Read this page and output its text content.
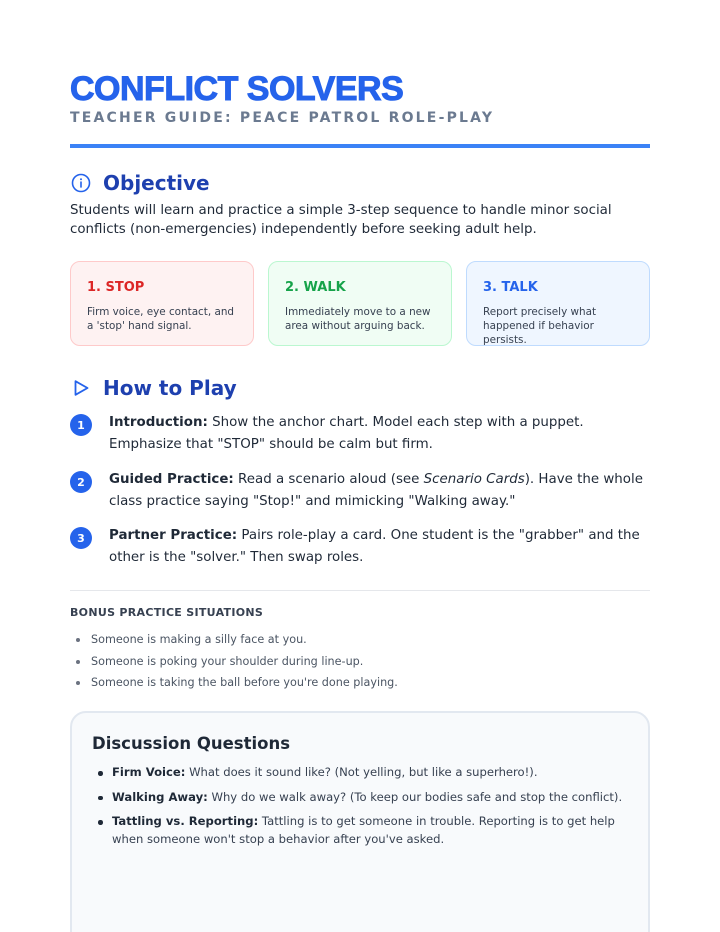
CONFLICT SOLVERS
TEACHER GUIDE: PEACE PATROL ROLE-PLAY
Objective

Students will learn and practice a simple 3-step sequence to handle minor social conflicts (non-emergencies) independently before seeking adult help.

1. STOP
Firm voice, eye contact, and a 'stop' hand signal.
2. WALK
Immediately move to a new area without arguing back.
3. TALK
Report precisely what happened if behavior persists.
How to Play
1	Introduction: Show the anchor chart. Model each step with a puppet. Emphasize that "STOP" should be calm but firm.

2	Guided Practice: Read a scenario aloud (see Scenario Cards). Have the whole class practice saying "Stop!" and mimicking "Walking away."

3	Partner Practice: Pairs role-play a card. One student is the "grabber" and the other is the "solver." Then swap roles.

BONUS PRACTICE SITUATIONS
Someone is making a silly face at you.
Someone is poking your shoulder during line-up.
Someone is taking the ball before you're done playing.
Discussion Questions
Firm Voice: What does it sound like? (Not yelling, but like a superhero!).
Walking Away: Why do we walk away? (To keep our bodies safe and stop the conflict).
Tattling vs. Reporting: Tattling is to get someone in trouble. Reporting is to get help when someone won't stop a behavior after you've asked.
